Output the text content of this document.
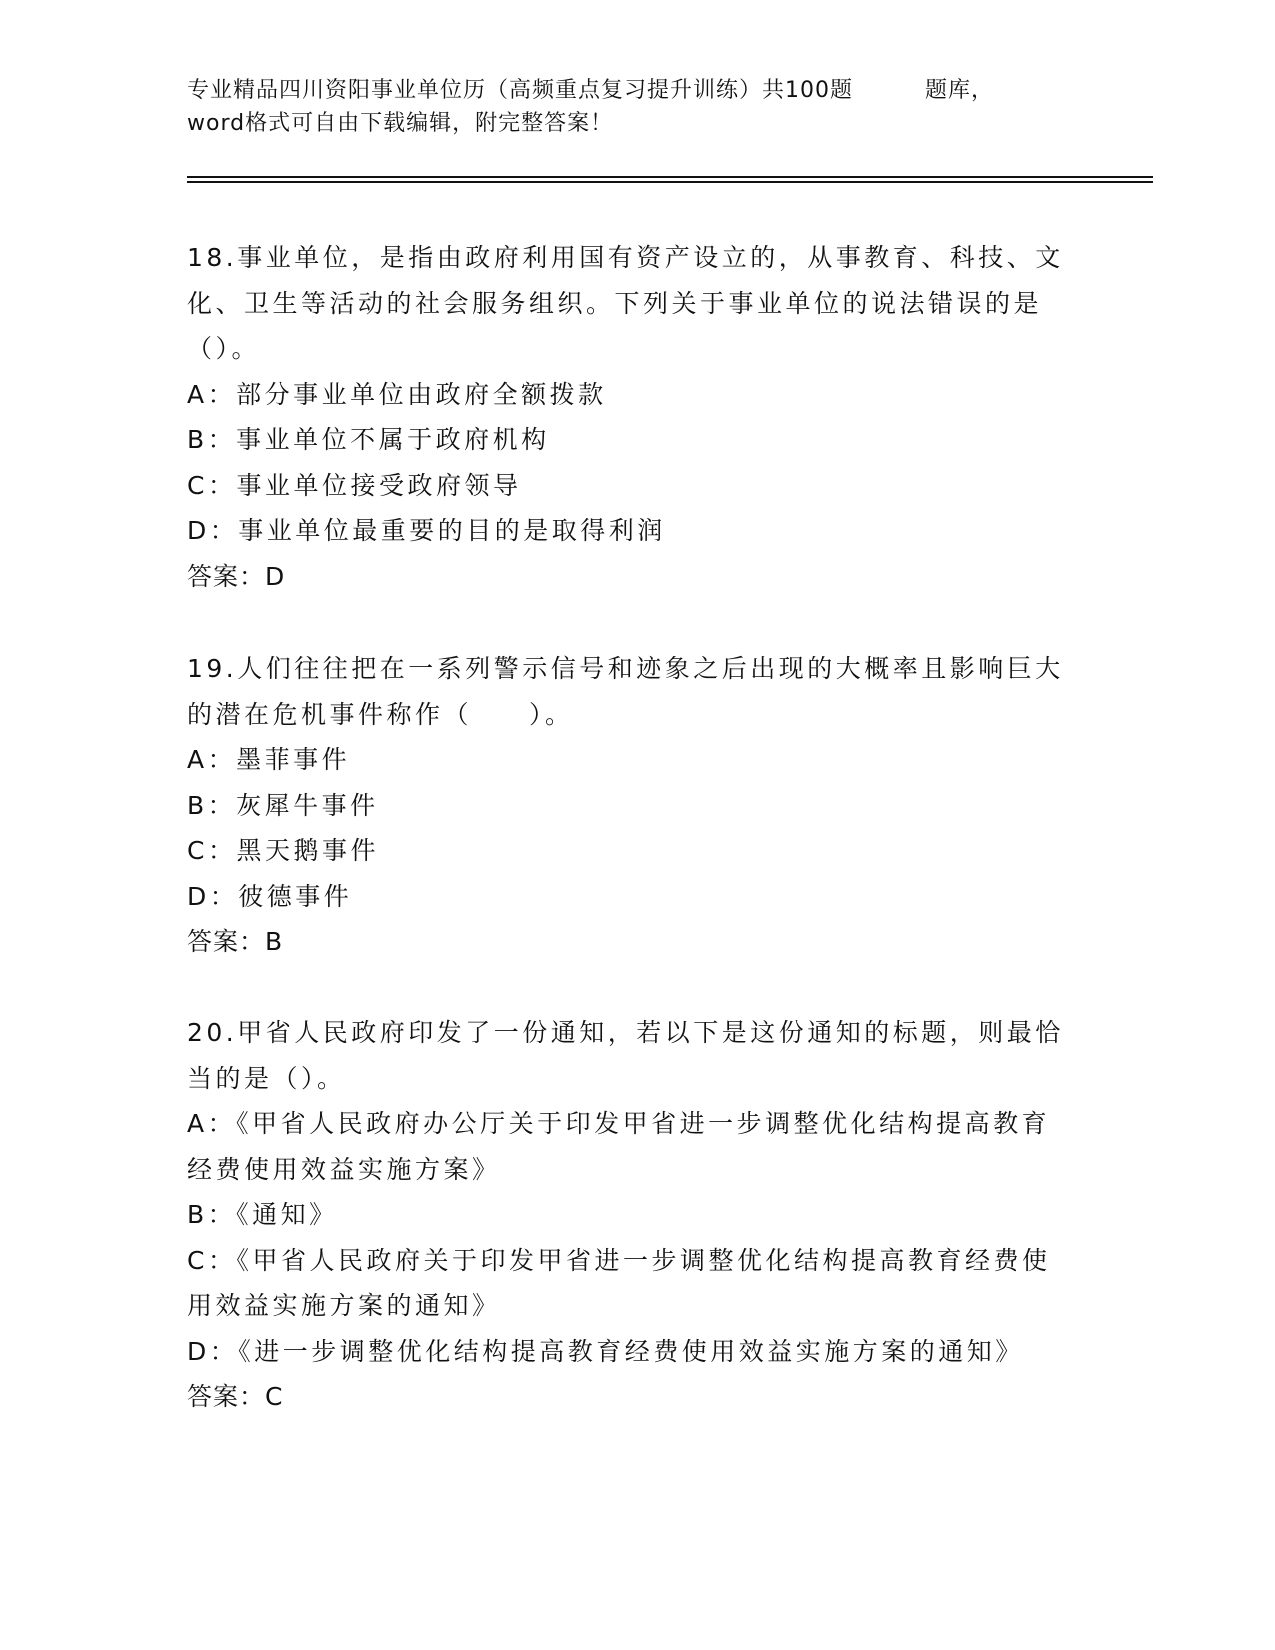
专业精品四川资阳事业单位历（高频重点复习提升训练）共100题	题库，
word格式可自由下载编辑，附完整答案！

18.事业单位，是指由政府利用国有资产设立的，从事教育、科技、文化、卫生等活动的社会服务组织。下列关于事业单位的说法错误的是（）。

A：部分事业单位由政府全额拨款

B：事业单位不属于政府机构

C：事业单位接受政府领导

D：事业单位最重要的目的是取得利润

答案：D

19.人们往往把在一系列警示信号和迹象之后出现的大概率且影响巨大的潜在危机事件称作（　　）。

A：墨菲事件

B：灰犀牛事件

C：黑天鹅事件

D：彼德事件

答案：B

20.甲省人民政府印发了一份通知，若以下是这份通知的标题，则最恰当的是（）。

A：《甲省人民政府办公厅关于印发甲省进一步调整优化结构提高教育经费使用效益实施方案》

B：《通知》

C：《甲省人民政府关于印发甲省进一步调整优化结构提高教育经费使用效益实施方案的通知》

D：《进一步调整优化结构提高教育经费使用效益实施方案的通知》

答案：C
